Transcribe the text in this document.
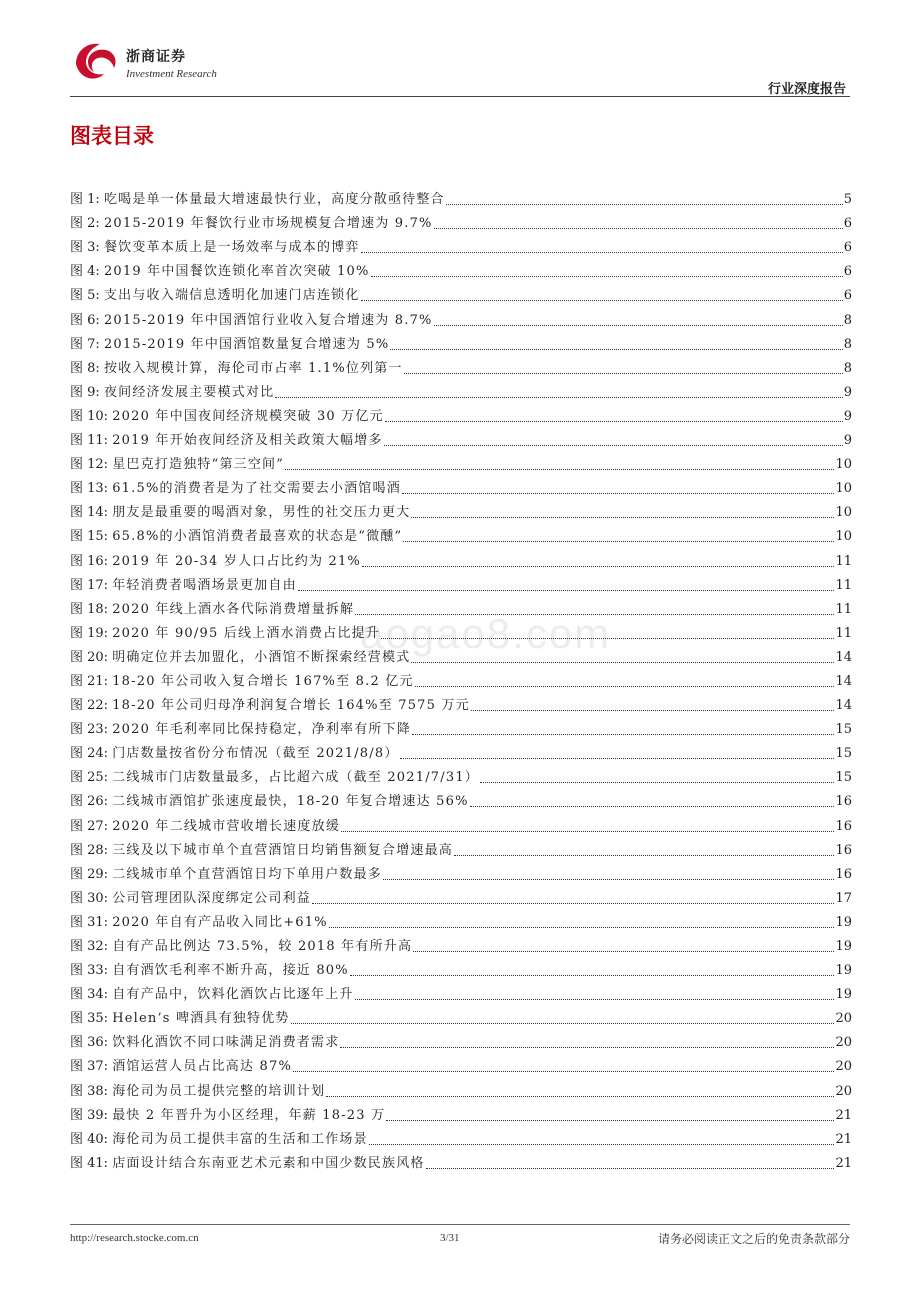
浙商证券
Investment Research
行业深度报告
图表目录
aogao8.com
图 1: 吃喝是单一体量最大增速最快行业，高度分散亟待整合	5
图 2: 2015-2019 年餐饮行业市场规模复合增速为 9.7%	6
图 3: 餐饮变革本质上是一场效率与成本的博弈	6
图 4: 2019 年中国餐饮连锁化率首次突破 10%	6
图 5: 支出与收入端信息透明化加速门店连锁化	6
图 6: 2015-2019 年中国酒馆行业收入复合增速为 8.7%	8
图 7: 2015-2019 年中国酒馆数量复合增速为 5%	8
图 8: 按收入规模计算，海伦司市占率 1.1%位列第一	8
图 9: 夜间经济发展主要模式对比	9
图 10: 2020 年中国夜间经济规模突破 30 万亿元	9
图 11: 2019 年开始夜间经济及相关政策大幅增多	9
图 12: 星巴克打造独特“第三空间”	10
图 13: 61.5%的消费者是为了社交需要去小酒馆喝酒	10
图 14: 朋友是最重要的喝酒对象，男性的社交压力更大	10
图 15: 65.8%的小酒馆消费者最喜欢的状态是“微醺”	10
图 16: 2019 年 20-34 岁人口占比约为 21%	11
图 17: 年轻消费者喝酒场景更加自由	11
图 18: 2020 年线上酒水各代际消费增量拆解	11
图 19: 2020 年 90/95 后线上酒水消费占比提升	11
图 20: 明确定位并去加盟化，小酒馆不断探索经营模式	14
图 21: 18-20 年公司收入复合增长 167%至 8.2 亿元	14
图 22: 18-20 年公司归母净利润复合增长 164%至 7575 万元	14
图 23: 2020 年毛利率同比保持稳定，净利率有所下降	15
图 24: 门店数量按省份分布情况（截至 2021/8/8）	15
图 25: 二线城市门店数量最多，占比超六成（截至 2021/7/31）	15
图 26: 二线城市酒馆扩张速度最快，18-20 年复合增速达 56%	16
图 27: 2020 年二线城市营收增长速度放缓	16
图 28: 三线及以下城市单个直营酒馆日均销售额复合增速最高	16
图 29: 二线城市单个直营酒馆日均下单用户数最多	16
图 30: 公司管理团队深度绑定公司利益	17
图 31: 2020 年自有产品收入同比+61%	19
图 32: 自有产品比例达 73.5%，较 2018 年有所升高	19
图 33: 自有酒饮毛利率不断升高，接近 80%	19
图 34: 自有产品中，饮料化酒饮占比逐年上升	19
图 35: Helen’s 啤酒具有独特优势	20
图 36: 饮料化酒饮不同口味满足消费者需求	20
图 37: 酒馆运营人员占比高达 87%	20
图 38: 海伦司为员工提供完整的培训计划	20
图 39: 最快 2 年晋升为小区经理，年薪 18-23 万	21
图 40: 海伦司为员工提供丰富的生活和工作场景	21
图 41: 店面设计结合东南亚艺术元素和中国少数民族风格	21
http://research.stocke.com.cn	3/31	请务必阅读正文之后的免责条款部分
